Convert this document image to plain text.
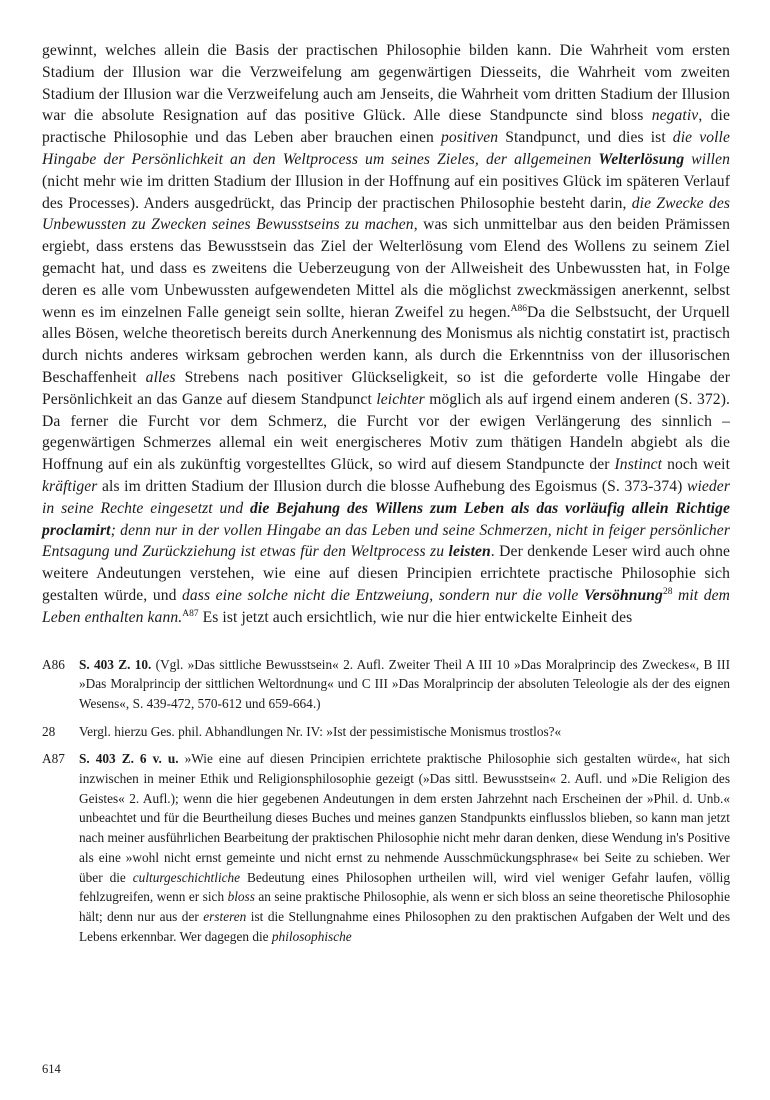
gewinnt, welches allein die Basis der practischen Philosophie bilden kann. Die Wahrheit vom ersten Stadium der Illusion war die Verzweifelung am gegenwärtigen Diesseits, die Wahrheit vom zweiten Stadium der Illusion war die Verzweifelung auch am Jenseits, die Wahrheit vom dritten Stadium der Illusion war die absolute Resignation auf das positive Glück. Alle diese Standpuncte sind bloss negativ, die practische Philosophie und das Leben aber brauchen einen positiven Standpunct, und dies ist die volle Hingabe der Persönlichkeit an den Weltprocess um seines Zieles, der allgemeinen Welterlösung willen (nicht mehr wie im dritten Stadium der Illusion in der Hoffnung auf ein positives Glück im späteren Verlauf des Processes). Anders ausgedrückt, das Princip der practischen Philosophie besteht darin, die Zwecke des Unbewussten zu Zwecken seines Bewusstseins zu machen, was sich unmittelbar aus den beiden Prämissen ergiebt, dass erstens das Bewusstsein das Ziel der Welterlösung vom Elend des Wollens zu seinem Ziel gemacht hat, und dass es zweitens die Ueberzeugung von der Allweisheit des Unbewussten hat, in Folge deren es alle vom Unbewussten aufgewendeten Mittel als die möglichst zweckmässigen anerkennt, selbst wenn es im einzelnen Falle geneigt sein sollte, hieran Zweifel zu hegen.$^{A86}$Da die Selbstsucht, der Urquell alles Bösen, welche theoretisch bereits durch Anerkennung des Monismus als nichtig constatirt ist, practisch durch nichts anderes wirksam gebrochen werden kann, als durch die Erkenntniss von der illusorischen Beschaffenheit alles Strebens nach positiver Glückseligkeit, so ist die geforderte volle Hingabe der Persönlichkeit an das Ganze auf diesem Standpunct leichter möglich als auf irgend einem anderen (S. 372). Da ferner die Furcht vor dem Schmerz, die Furcht vor der ewigen Verlängerung des sinnlich – gegenwärtigen Schmerzes allemal ein weit energischeres Motiv zum thätigen Handeln abgiebt als die Hoffnung auf ein als zukünftig vorgestelltes Glück, so wird auf diesem Standpuncte der Instinct noch weit kräftiger als im dritten Stadium der Illusion durch die blosse Aufhebung des Egoismus (S. 373-374) wieder in seine Rechte eingesetzt und die Bejahung des Willens zum Leben als das vorläufig allein Richtige proclamirt; denn nur in der vollen Hingabe an das Leben und seine Schmerzen, nicht in feiger persönlicher Entsagung und Zurückziehung ist etwas für den Weltprocess zu leisten. Der denkende Leser wird auch ohne weitere Andeutungen verstehen, wie eine auf diesen Principien errichtete practische Philosophie sich gestalten würde, und dass eine solche nicht die Entzweiung, sondern nur die volle Versöhnung$^{28}$ mit dem Leben enthalten kann.$^{A87}$ Es ist jetzt auch ersichtlich, wie nur die hier entwickelte Einheit des

A86 S. 403 Z. 10. (Vgl. »Das sittliche Bewusstsein« 2. Aufl. Zweiter Theil A III 10 »Das Moralprincip des Zweckes«, B III »Das Moralprincip der sittlichen Weltordnung« und C III »Das Moralprincip der absoluten Teleologie als der des eignen Wesens«, S. 439-472, 570-612 und 659-664.)
28 Vergl. hierzu Ges. phil. Abhandlungen Nr. IV: »Ist der pessimistische Monismus trostlos?«
A87 S. 403 Z. 6 v. u. »Wie eine auf diesen Principien errichtete praktische Philosophie sich gestalten würde«, hat sich inzwischen in meiner Ethik und Religionsphilosophie gezeigt (»Das sittl. Bewusstsein« 2. Aufl. und »Die Religion des Geistes« 2. Aufl.); wenn die hier gegebenen Andeutungen in dem ersten Jahrzehnt nach Erscheinen der »Phil. d. Unb.« unbeachtet und für die Beurtheilung dieses Buches und meines ganzen Standpunkts einflusslos blieben, so kann man jetzt nach meiner ausführlichen Bearbeitung der praktischen Philosophie nicht mehr daran denken, diese Wendung in's Positive als eine »wohl nicht ernst gemeinte und nicht ernst zu nehmende Ausschmückungsphrase« bei Seite zu schieben. Wer über die culturgeschichtliche Bedeutung eines Philosophen urtheilen will, wird viel weniger Gefahr laufen, völlig fehlzugreifen, wenn er sich bloss an seine praktische Philosophie, als wenn er sich bloss an seine theoretische Philosophie hält; denn nur aus der ersteren ist die Stellungnahme eines Philosophen zu den praktischen Aufgaben der Welt und des Lebens erkennbar. Wer dagegen die philosophische
614
